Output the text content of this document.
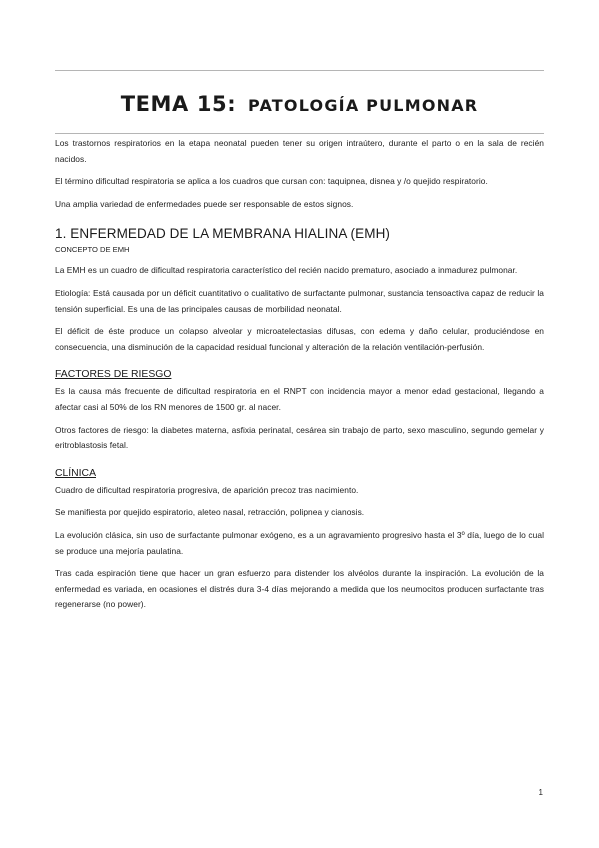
TEMA 15: PATOLOGÍA PULMONAR

Los trastornos respiratorios en la etapa neonatal pueden tener su origen intraútero, durante el parto o en la sala de recién nacidos.

El término dificultad respiratoria se aplica a los cuadros que cursan con: taquipnea, disnea y /o quejido respiratorio.

Una amplia variedad de enfermedades puede ser responsable de estos signos.

1. ENFERMEDAD DE LA MEMBRANA HIALINA (EMH)
CONCEPTO DE EMH

La EMH es un cuadro de dificultad respiratoria característico del recién nacido prematuro, asociado a inmadurez pulmonar.

Etiología: Está causada por un déficit cuantitativo o cualitativo de surfactante pulmonar, sustancia tensoactiva capaz de reducir la tensión superficial. Es una de las principales causas de morbilidad neonatal.

El déficit de éste produce un colapso alveolar y microatelectasias difusas, con edema y daño celular, produciéndose en consecuencia, una disminución de la capacidad residual funcional y alteración de la relación ventilación-perfusión.

FACTORES DE RIESGO

Es la causa más frecuente de dificultad respiratoria en el RNPT con incidencia mayor a menor edad gestacional, llegando a afectar casi al 50% de los RN menores de 1500 gr. al nacer.

Otros factores de riesgo: la diabetes materna, asfixia perinatal, cesárea sin trabajo de parto, sexo masculino, segundo gemelar y eritroblastosis fetal.

CLÍNICA

Cuadro de dificultad respiratoria progresiva, de aparición precoz tras nacimiento.

Se manifiesta por quejido espiratorio, aleteo nasal, retracción, polipnea y cianosis.

La evolución clásica, sin uso de surfactante pulmonar exógeno, es a un agravamiento progresivo hasta el 3º día, luego de lo cual se produce una mejoría paulatina.

Tras cada espiración tiene que hacer un gran esfuerzo para distender los alvéolos durante la inspiración. La evolución de la enfermedad es variada, en ocasiones el distrés dura 3-4 días mejorando a medida que los neumocitos producen surfactante tras regenerarse (no power).

1
